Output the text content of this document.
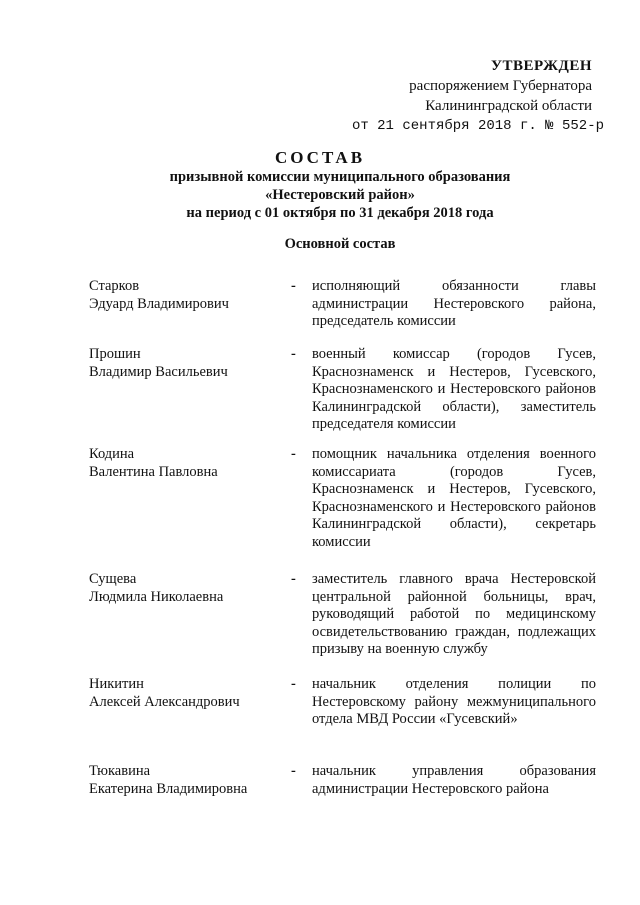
УТВЕРЖДЕН
распоряжением Губернатора
Калининградской области
от 21 сентября 2018 г. № 552-р
СОСТАВ
призывной комиссии муниципального образования
«Нестеровский район»
на период с 01 октября по 31 декабря 2018 года
Основной состав
Старков
Эдуард Владимирович
- исполняющий обязанности главы администрации Нестеровского района, председатель комиссии
Прошин
Владимир Васильевич
- военный комиссар (городов Гусев, Краснознаменск и Нестеров, Гусевского, Краснознаменского и Нестеровского районов Калининградской области), заместитель председателя комиссии
Кодина
Валентина Павловна
- помощник начальника отделения военного комиссариата (городов Гусев, Краснознаменск и Нестеров, Гусевского, Краснознаменского и Нестеровского районов Калининградской области), секретарь комиссии
Сущева
Людмила Николаевна
- заместитель главного врача Нестеровской центральной районной больницы, врач, руководящий работой по медицинскому освидетельствованию граждан, подлежащих призыву на военную службу
Никитин
Алексей Александрович
- начальник отделения полиции по Нестеровскому району межмуниципального отдела МВД России «Гусевский»
Тюкавина
Екатерина Владимировна
- начальник управления образования администрации Нестеровского района
